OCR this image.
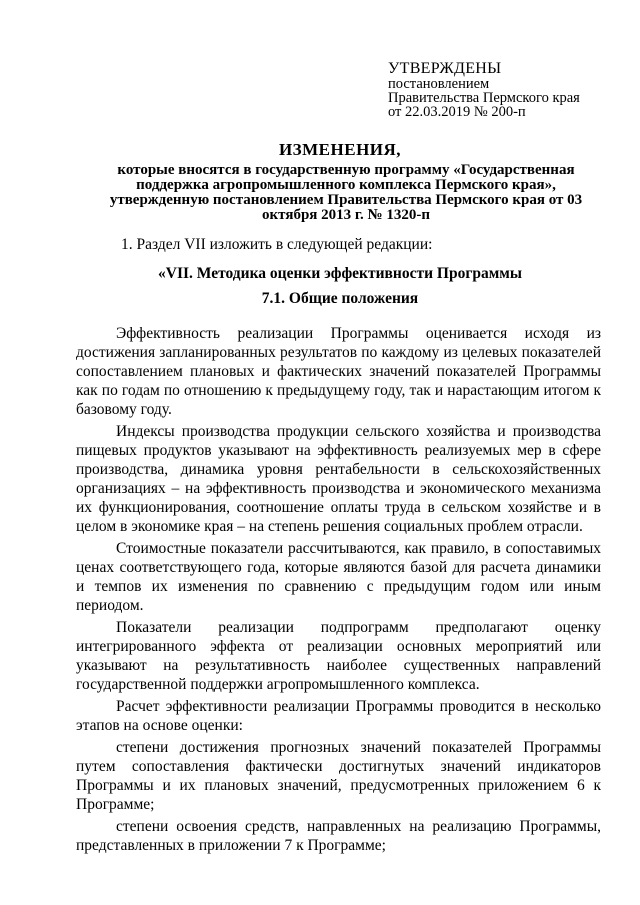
УТВЕРЖДЕНЫ
постановлением
Правительства Пермского края
от 22.03.2019 № 200-п
ИЗМЕНЕНИЯ,
которые вносятся в государственную программу «Государственная поддержка агропромышленного комплекса Пермского края», утвержденную постановлением Правительства Пермского края от 03 октября 2013 г. № 1320-п
1. Раздел VII изложить в следующей редакции:
«VII. Методика оценки эффективности Программы
7.1. Общие положения

Эффективность реализации Программы оценивается исходя из достижения запланированных результатов по каждому из целевых показателей сопоставлением плановых и фактических значений показателей Программы как по годам по отношению к предыдущему году, так и нарастающим итогом к базовому году.

Индексы производства продукции сельского хозяйства и производства пищевых продуктов указывают на эффективность реализуемых мер в сфере производства, динамика уровня рентабельности в сельскохозяйственных организациях – на эффективность производства и экономического механизма их функционирования, соотношение оплаты труда в сельском хозяйстве и в целом в экономике края – на степень решения социальных проблем отрасли.

Стоимостные показатели рассчитываются, как правило, в сопоставимых ценах соответствующего года, которые являются базой для расчета динамики и темпов их изменения по сравнению с предыдущим годом или иным периодом.

Показатели реализации подпрограмм предполагают оценку интегрированного эффекта от реализации основных мероприятий или указывают на результативность наиболее существенных направлений государственной поддержки агропромышленного комплекса.

Расчет эффективности реализации Программы проводится в несколько этапов на основе оценки:

степени достижения прогнозных значений показателей Программы путем сопоставления фактически достигнутых значений индикаторов Программы и их плановых значений, предусмотренных приложением 6 к Программе;

степени освоения средств, направленных на реализацию Программы, представленных в приложении 7 к Программе;
